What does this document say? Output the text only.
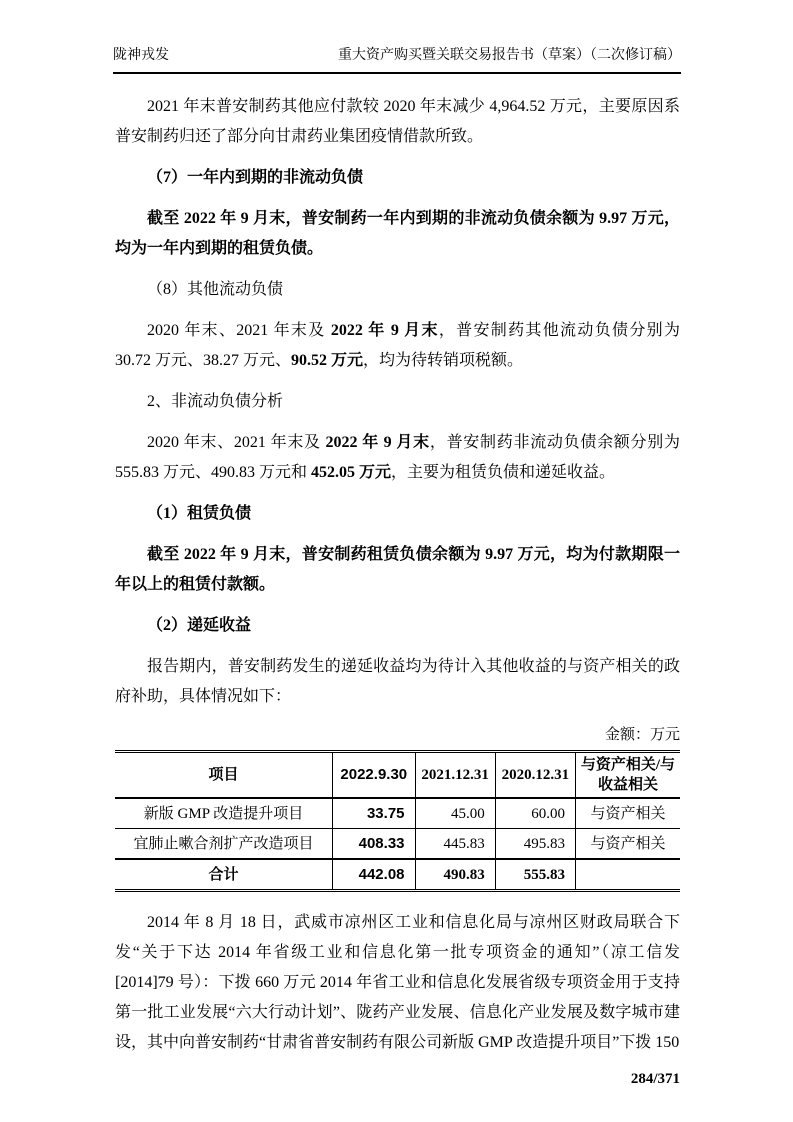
陇神戎发	重大资产购买暨关联交易报告书（草案）（二次修订稿）

2021 年末普安制药其他应付款较 2020 年末减少 4,964.52 万元，主要原因系普安制药归还了部分向甘肃药业集团疫情借款所致。

（7）一年内到期的非流动负债

截至 2022 年 9 月末，普安制药一年内到期的非流动负债余额为 9.97 万元，均为一年内到期的租赁负债。

（8）其他流动负债

2020 年末、2021 年末及 2022 年 9 月末，普安制药其他流动负债分别为 30.72 万元、38.27 万元、90.52 万元，均为待转销项税额。

2、非流动负债分析

2020 年末、2021 年末及 2022 年 9 月末，普安制药非流动负债余额分别为 555.83 万元、490.83 万元和 452.05 万元，主要为租赁负债和递延收益。

（1）租赁负债

截至 2022 年 9 月末，普安制药租赁负债余额为 9.97 万元，均为付款期限一年以上的租赁付款额。

（2）递延收益

报告期内，普安制药发生的递延收益均为待计入其他收益的与资产相关的政府补助，具体情况如下：

金额：万元
项目	2022.9.30	2021.12.31	2020.12.31	与资产相关/与收益相关
新版 GMP 改造提升项目	33.75	45.00	60.00	与资产相关
宜肺止嗽合剂扩产改造项目	408.33	445.83	495.83	与资产相关
合计	442.08	490.83	555.83	

2014 年 8 月 18 日，武威市凉州区工业和信息化局与凉州区财政局联合下发“关于下达 2014 年省级工业和信息化第一批专项资金的通知”（凉工信发[2014]79 号）：下拨 660 万元 2014 年省工业和信息化发展省级专项资金用于支持第一批工业发展“六大行动计划”、陇药产业发展、信息化产业发展及数字城市建设，其中向普安制药“甘肃省普安制药有限公司新版 GMP 改造提升项目”下拨 150

284/371
